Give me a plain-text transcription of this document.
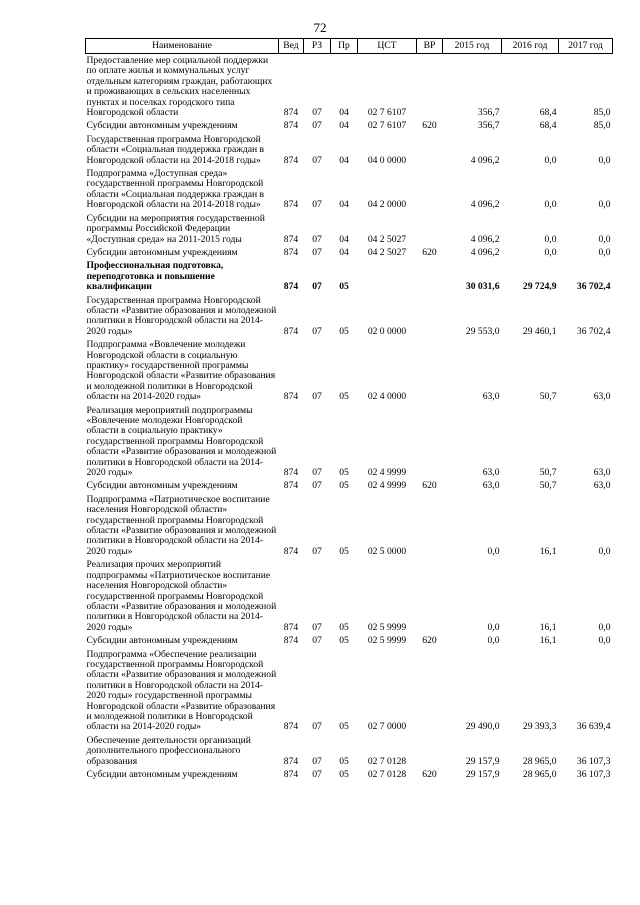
72
Наименование	Вед	РЗ	Пр	ЦСТ	ВР	2015 год	2016 год	2017 год
Предоставление мер социальной поддержки по оплате жилья и коммунальных услуг отдельным категориям граждан, работающих и проживающих в сельских населенных пунктах и поселках городского типа Новгородской области	874	07	04	02 7 6107		356,7	68,4	85,0
Субсидии автономным учреждениям	874	07	04	02 7 6107	620	356,7	68,4	85,0
Государственная программа Новгородской области «Социальная поддержка граждан в Новгородской области на 2014-2018 годы»	874	07	04	04 0 0000		4 096,2	0,0	0,0
Подпрограмма «Доступная среда» государственной программы Новгородской области «Социальная поддержка граждан в Новгородской области на 2014-2018 годы»	874	07	04	04 2 0000		4 096,2	0,0	0,0
Субсидии на мероприятия государственной программы Российской Федерации «Доступная среда» на 2011-2015 годы	874	07	04	04 2 5027		4 096,2	0,0	0,0
Субсидии автономным учреждениям	874	07	04	04 2 5027	620	4 096,2	0,0	0,0
Профессиональная подготовка, переподготовка и повышение квалификации	874	07	05			30 031,6	29 724,9	36 702,4
Государственная программа Новгородской области «Развитие образования и молодежной политики в Новгородской области на 2014-2020 годы»	874	07	05	02 0 0000		29 553,0	29 460,1	36 702,4
Подпрограмма «Вовлечение молодежи Новгородской области в социальную практику» государственной программы Новгородской области «Развитие образования и молодежной политики в Новгородской области на 2014-2020 годы»	874	07	05	02 4 0000		63,0	50,7	63,0
Реализация мероприятий подпрограммы «Вовлечение молодежи Новгородской области в социальную практику» государственной программы Новгородской области «Развитие образования и молодежной политики в Новгородской области на 2014-2020 годы»	874	07	05	02 4 9999		63,0	50,7	63,0
Субсидии автономным учреждениям	874	07	05	02 4 9999	620	63,0	50,7	63,0
Подпрограмма «Патриотическое воспитание населения Новгородской области» государственной программы Новгородской области «Развитие образования и молодежной политики в Новгородской области на 2014-2020 годы»	874	07	05	02 5 0000		0,0	16,1	0,0
Реализация прочих мероприятий подпрограммы «Патриотическое воспитание населения Новгородской области» государственной программы Новгородской области «Развитие образования и молодежной политики в Новгородской области на 2014-2020 годы»	874	07	05	02 5 9999		0,0	16,1	0,0
Субсидии автономным учреждениям	874	07	05	02 5 9999	620	0,0	16,1	0,0
Подпрограмма «Обеспечение реализации государственной программы Новгородской области «Развитие образования и молодежной политики в Новгородской области на 2014-2020 годы» государственной программы Новгородской области «Развитие образования и молодежной политики в Новгородской области на 2014-2020 годы»	874	07	05	02 7 0000		29 490,0	29 393,3	36 639,4
Обеспечение деятельности организаций дополнительного профессионального образования	874	07	05	02 7 0128		29 157,9	28 965,0	36 107,3
Субсидии автономным учреждениям	874	07	05	02 7 0128	620	29 157,9	28 965,0	36 107,3
